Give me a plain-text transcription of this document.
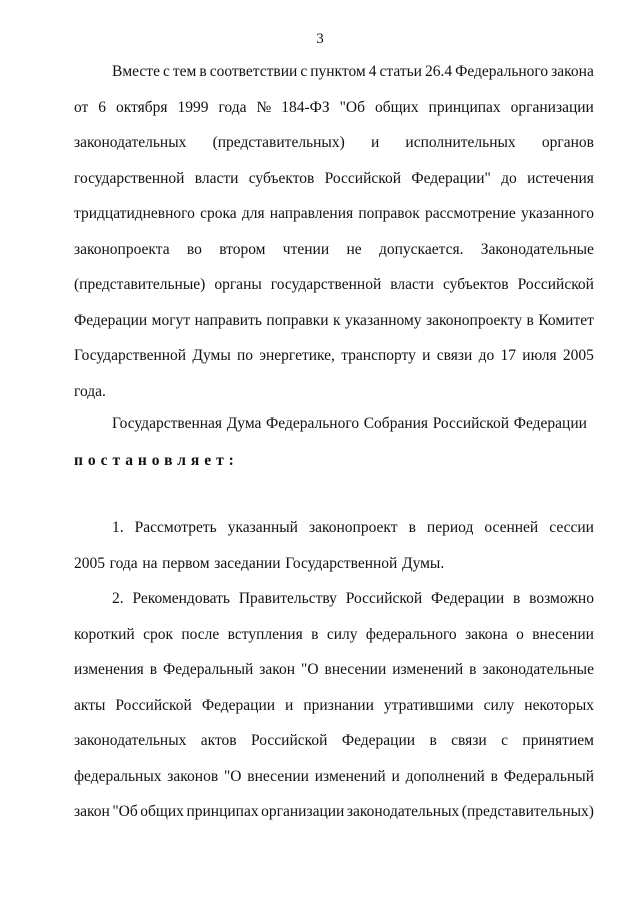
3
Вместе с тем в соответствии с пунктом 4 статьи 26.4 Федерального закона
от 6 октября 1999 года № 184-ФЗ "Об общих принципах организации
законодательных (представительных) и исполнительных органов
государственной власти субъектов Российской Федерации" до истечения
тридцатидневного срока для направления поправок рассмотрение указанного
законопроекта во втором чтении не допускается. Законодательные
(представительные) органы государственной власти субъектов Российской
Федерации могут направить поправки к указанному законопроекту в Комитет
Государственной Думы по энергетике, транспорту и связи до 17 июля 2005
года.
Государственная Дума Федерального Собрания Российской Федерации
постановляет:
1. Рассмотреть указанный законопроект в период осенней сессии
2005 года на первом заседании Государственной Думы.
2. Рекомендовать Правительству Российской Федерации в возможно
короткий срок после вступления в силу федерального закона о внесении
изменения в Федеральный закон "О внесении изменений в законодательные
акты Российской Федерации и признании утратившими силу некоторых
законодательных актов Российской Федерации в связи с принятием
федеральных законов "О внесении изменений и дополнений в Федеральный
закон "Об общих принципах организации законодательных (представительных)
